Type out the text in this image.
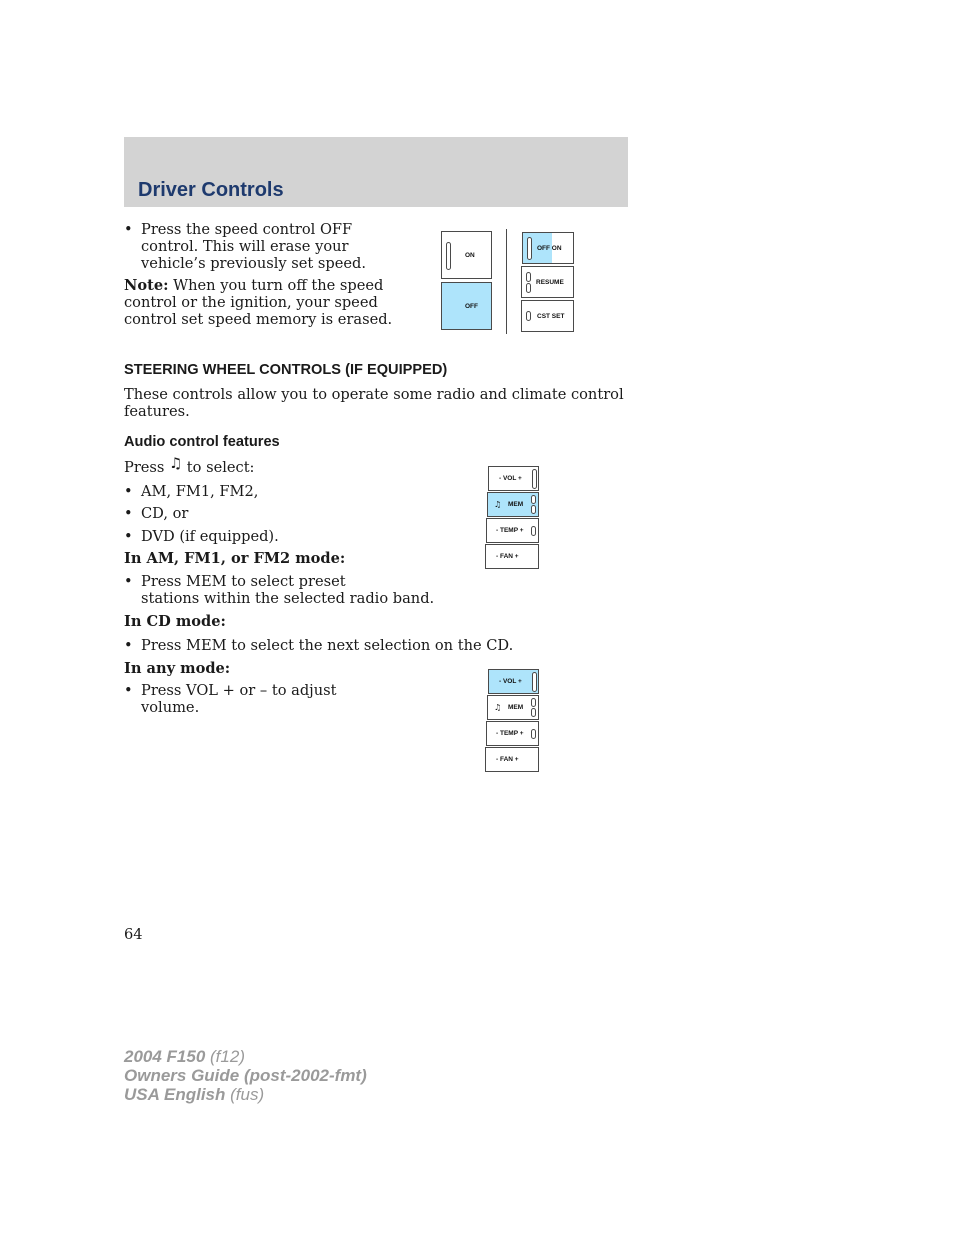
Driver Controls
• Press the speed control OFF
control. This will erase your
vehicle’s previously set speed.
Note: When you turn off the speed
control or the ignition, your speed
control set speed memory is erased.
ON
OFF
OFF ON
RESUME
CST SET
STEERING WHEEL CONTROLS (IF EQUIPPED)
These controls allow you to operate some radio and climate control
features.
Audio control features
Press ♫ to select:
• AM, FM1, FM2,
• CD, or
• DVD (if equipped).
In AM, FM1, or FM2 mode:
• Press MEM to select preset
stations within the selected radio band.
In CD mode:
• Press MEM to select the next selection on the CD.
In any mode:
• Press VOL + or – to adjust
volume.
- VOL +
♫ MEM
- TEMP +
- FAN +
- VOL +
♫ MEM
- TEMP +
- FAN +
64
2004 F150 (f12)
Owners Guide (post-2002-fmt)
USA English (fus)
